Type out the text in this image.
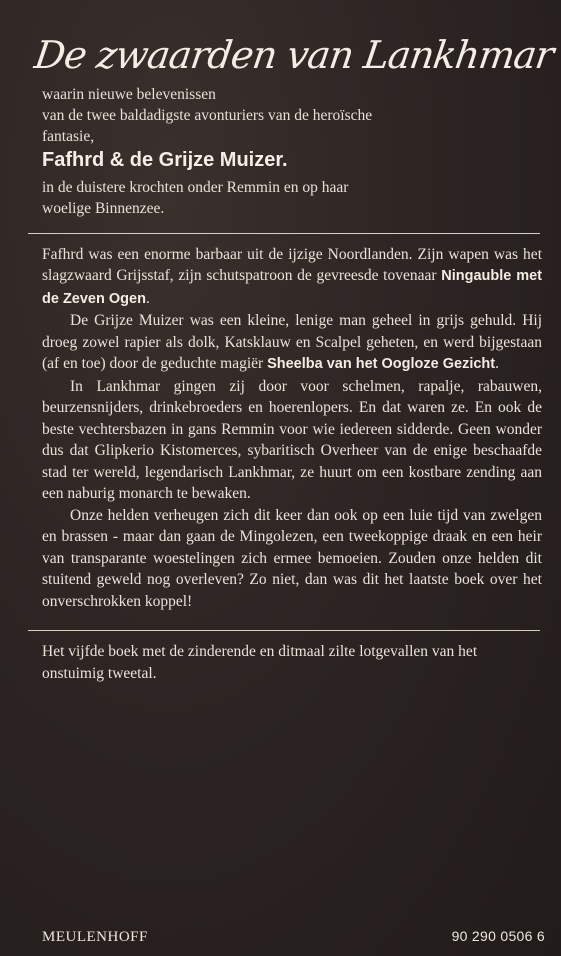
De zwaarden van Lankhmar

waarin nieuwe belevenissen

van de twee baldadigste avonturiers van de heroïsche

fantasie,

Fafhrd & de Grijze Muizer.

in de duistere krochten onder Remmin en op haar

woelige Binnenzee.

Fafhrd was een enorme barbaar uit de ijzige Noordlanden. Zijn wapen was het slagzwaard Grijsstaf, zijn schutspatroon de gevreesde tovenaar Ningauble met de Zeven Ogen.

De Grijze Muizer was een kleine, lenige man geheel in grijs gehuld. Hij droeg zowel rapier als dolk, Katsklauw en Scalpel geheten, en werd bijgestaan (af en toe) door de geduchte magiër Sheelba van het Oogloze Gezicht.

In Lankhmar gingen zij door voor schelmen, rapalje, rabauwen, beurzensnijders, drinkebroeders en hoerenlopers. En dat waren ze. En ook de beste vechtersbazen in gans Remmin voor wie iedereen sidderde. Geen wonder dus dat Glipkerio Kistomerces, sybaritisch Overheer van de enige beschaafde stad ter wereld, legendarisch Lankhmar, ze huurt om een kostbare zending aan een naburig monarch te bewaken.

Onze helden verheugen zich dit keer dan ook op een luie tijd van zwelgen en brassen - maar dan gaan de Mingolezen, een tweekoppige draak en een heir van transparante woestelingen zich ermee bemoeien. Zouden onze helden dit stuitend geweld nog overleven? Zo niet, dan was dit het laatste boek over het onverschrokken koppel!

Het vijfde boek met de zinderende en ditmaal zilte lotgevallen van het onstuimig tweetal.

MEULENHOFF	90 290 0506 6
